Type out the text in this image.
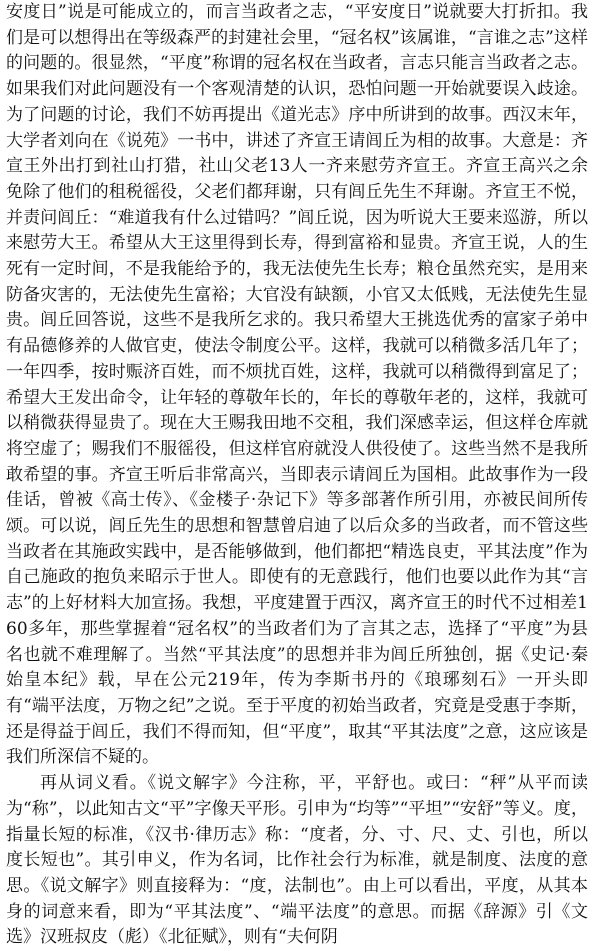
安度日”说是可能成立的，而言当政者之志，“平安度日”说就要大打折扣。我们是可以想得出在等级森严的封建社会里，“冠名权”该属谁，“言谁之志”这样的问题的。很显然，“平度”称谓的冠名权在当政者，言志只能言当政者之志。如果我们对此问题没有一个客观清楚的认识，恐怕问题一开始就要误入歧途。为了问题的讨论，我们不妨再提出《道光志》序中所讲到的故事。西汉末年，大学者刘向在《说苑》一书中，讲述了齐宣王请闾丘为相的故事。大意是：齐宣王外出打到社山打猎，社山父老13人一齐来慰劳齐宣王。齐宣王高兴之余免除了他们的租税徭役，父老们都拜谢，只有闾丘先生不拜谢。齐宣王不悦，并责问闾丘：“难道我有什么过错吗？”闾丘说，因为听说大王要来巡游，所以来慰劳大王。希望从大王这里得到长寿，得到富裕和显贵。齐宣王说，人的生死有一定时间，不是我能给予的，我无法使先生长寿；粮仓虽然充实，是用来防备灾害的，无法使先生富裕；大官没有缺额，小官又太低贱，无法使先生显贵。闾丘回答说，这些不是我所乞求的。我只希望大王挑选优秀的富家子弟中有品德修养的人做官吏，使法令制度公平。这样，我就可以稍微多活几年了；一年四季，按时赈济百姓，而不烦扰百姓，这样，我就可以稍微得到富足了；希望大王发出命令，让年轻的尊敬年长的，年长的尊敬年老的，这样，我就可以稍微获得显贵了。现在大王赐我田地不交租，我们深感幸运，但这样仓库就将空虚了；赐我们不服徭役，但这样官府就没人供役使了。这些当然不是我所敢希望的事。齐宣王听后非常高兴，当即表示请闾丘为国相。此故事作为一段佳话，曾被《高士传》、《金楼子·杂记下》等多部著作所引用，亦被民间所传颂。可以说，闾丘先生的思想和智慧曾启迪了以后众多的当政者，而不管这些当政者在其施政实践中，是否能够做到，他们都把“精选良吏，平其法度”作为自己施政的抱负来昭示于世人。即使有的无意践行，他们也要以此作为其“言志”的上好材料大加宣扬。我想，平度建置于西汉，离齐宣王的时代不过相差160多年，那些掌握着“冠名权”的当政者们为了言其之志，选择了“平度”为县名也就不难理解了。当然“平其法度”的思想并非为闾丘所独创，据《史记·秦始皇本纪》载，早在公元219年，传为李斯书丹的《琅琊刻石》一开头即有“端平法度，万物之纪”之说。至于平度的初始当政者，究竟是受惠于李斯，还是得益于闾丘，我们不得而知，但“平度”，取其“平其法度”之意，这应该是我们所深信不疑的。

再从词义看。《说文解字》今注称，平，平舒也。或曰：“秤”从平而读为“称”，以此知古文“平”字像天平形。引申为“均等”“平坦”“安舒”等义。度，指量长短的标准，《汉书·律历志》称：“度者，分、寸、尺、丈、引也，所以度长短也”。其引申义，作为名词，比作社会行为标准，就是制度、法度的意思。《说文解字》则直接释为：“度，法制也”。由上可以看出，平度，从其本身的词意来看，即为“平其法度”、“端平法度”的意思。而据《辞源》引《文选》汉班叔皮（彪）《北征赋》，则有“夫何阴
